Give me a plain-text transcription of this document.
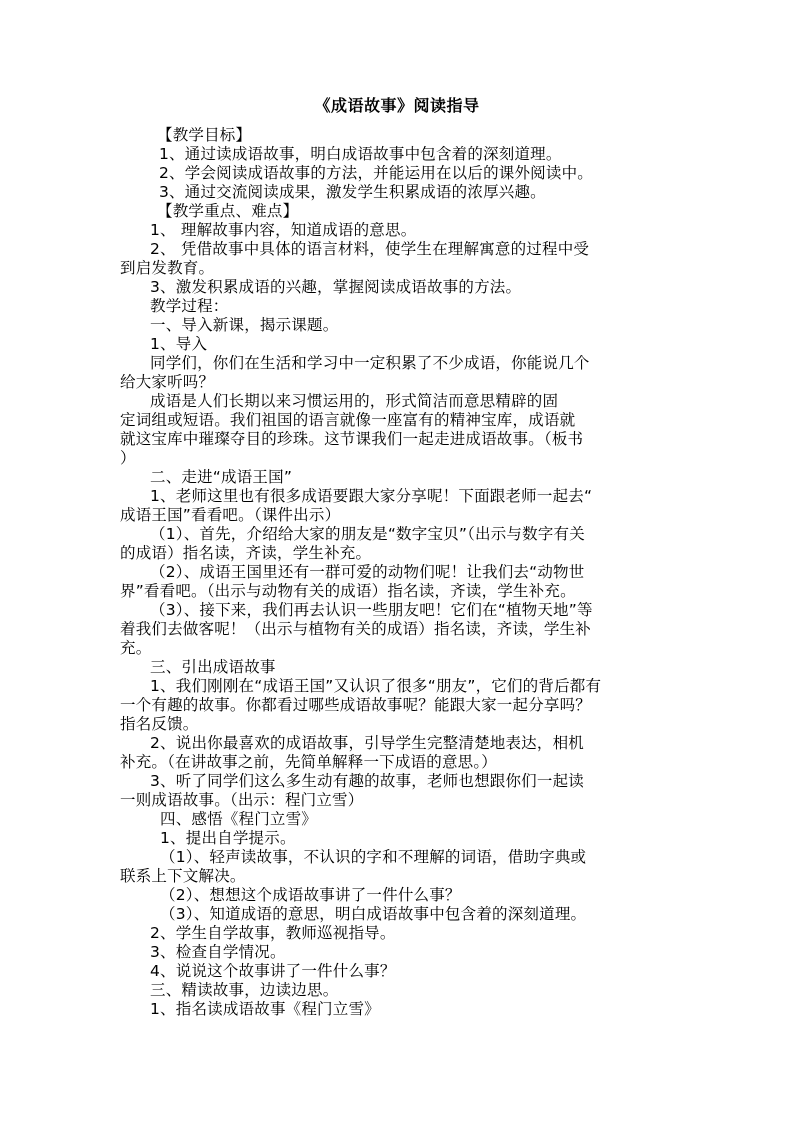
《成语故事》阅读指导
【教学目标】
1、通过读成语故事，明白成语故事中包含着的深刻道理。
2、学会阅读成语故事的方法，并能运用在以后的课外阅读中。
3、通过交流阅读成果，激发学生积累成语的浓厚兴趣。
【教学重点、难点】
1、 理解故事内容，知道成语的意思。
2、 凭借故事中具体的语言材料，使学生在理解寓意的过程中受
到启发教育。
3、激发积累成语的兴趣，掌握阅读成语故事的方法。
教学过程：
一、导入新课，揭示课题。
1、导入
同学们，你们在生活和学习中一定积累了不少成语，你能说几个
给大家听吗？
成语是人们长期以来习惯运用的，形式简洁而意思精辟的固
定词组或短语。我们祖国的语言就像一座富有的精神宝库，成语就
就这宝库中璀璨夺目的珍珠。这节课我们一起走进成语故事。（板书
）
二、走进“成语王国”
1、老师这里也有很多成语要跟大家分享呢！下面跟老师一起去“
成语王国”看看吧。（课件出示）
（1）、首先，介绍给大家的朋友是“数字宝贝”（出示与数字有关
的成语）指名读，齐读，学生补充。
（2）、成语王国里还有一群可爱的动物们呢！让我们去“动物世
界”看看吧。（出示与动物有关的成语）指名读，齐读，学生补充。
（3）、接下来，我们再去认识一些朋友吧！它们在“植物天地”等
着我们去做客呢！（出示与植物有关的成语）指名读，齐读，学生补
充。
三、引出成语故事
1、我们刚刚在“成语王国”又认识了很多“朋友”，它们的背后都有
一个有趣的故事。你都看过哪些成语故事呢？能跟大家一起分享吗？
指名反馈。
2、说出你最喜欢的成语故事，引导学生完整清楚地表达，相机
补充。（在讲故事之前，先简单解释一下成语的意思。）
3、听了同学们这么多生动有趣的故事，老师也想跟你们一起读
一则成语故事。（出示：程门立雪）
四、感悟《程门立雪》
1、提出自学提示。
（1）、轻声读故事，不认识的字和不理解的词语，借助字典或
联系上下文解决。
（2）、想想这个成语故事讲了一件什么事？
（3）、知道成语的意思，明白成语故事中包含着的深刻道理。
2、学生自学故事，教师巡视指导。
3、检查自学情况。
4、说说这个故事讲了一件什么事？
三、精读故事，边读边思。
1、指名读成语故事《程门立雪》
